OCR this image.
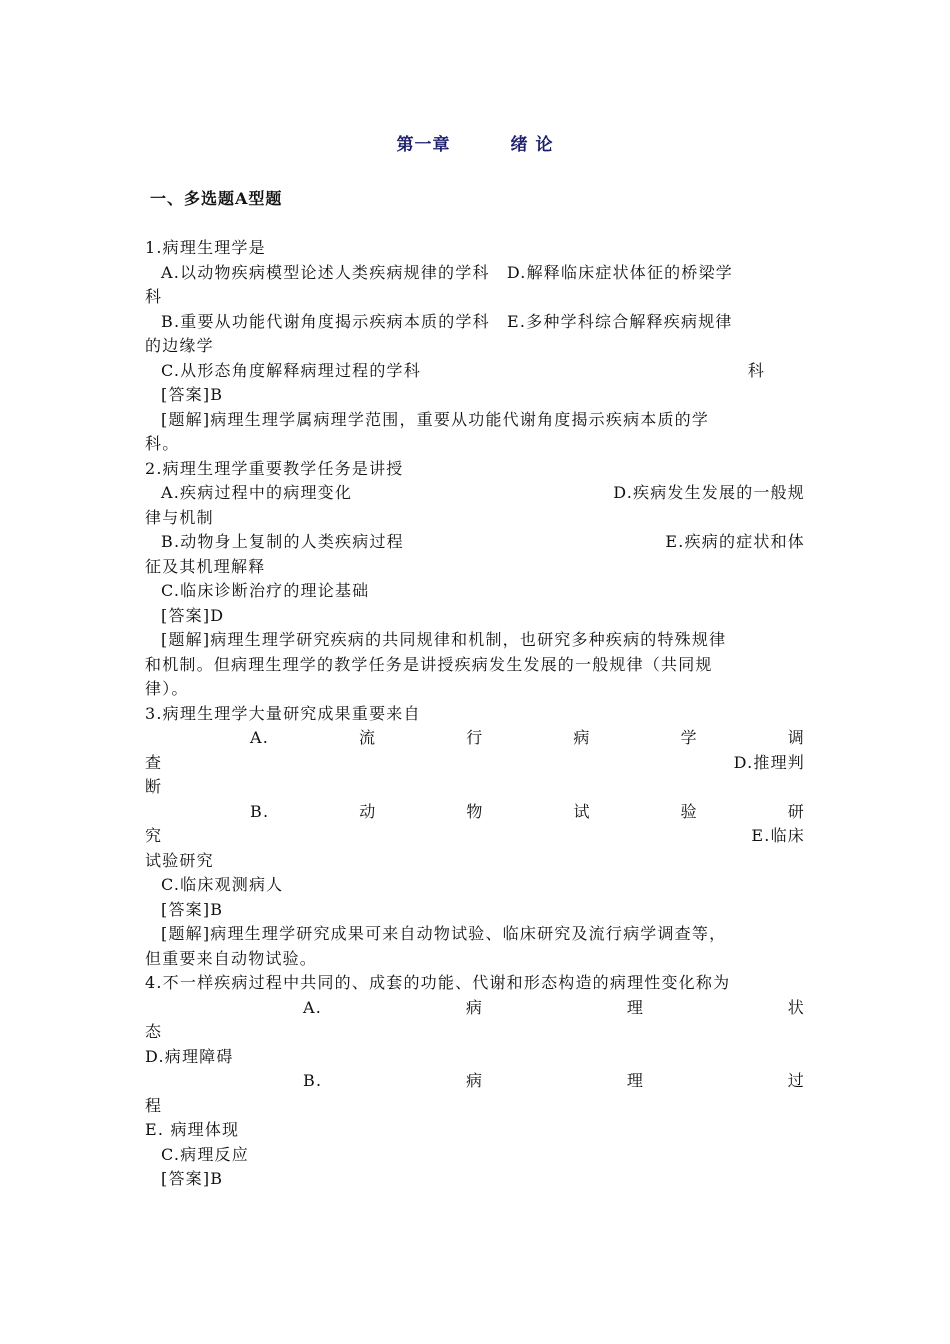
第一章	绪 论
一、多选题A型题
1.病理生理学是
A.以动物疾病模型论述人类疾病规律的学科　D.解释临床症状体征的桥梁学
科
B.重要从功能代谢角度揭示疾病本质的学科　E.多种学科综合解释疾病规律
的边缘学
C.从形态角度解释病理过程的学科	科
[答案]B
[题解]病理生理学属病理学范围，重要从功能代谢角度揭示疾病本质的学
科。
2.病理生理学重要教学任务是讲授
A.疾病过程中的病理变化	D.疾病发生发展的一般规
律与机制
B.动物身上复制的人类疾病过程	E.疾病的症状和体
征及其机理解释
C.临床诊断治疗的理论基础
[答案]D
[题解]病理生理学研究疾病的共同规律和机制，也研究多种疾病的特殊规律
和机制。但病理生理学的教学任务是讲授疾病发生发展的一般规律（共同规
律）。
3.病理生理学大量研究成果重要来自
A.	流	行	病	学	调
查	D.推理判
断
B.	动	物	试	验	研
究	E.临床
试验研究
C.临床观测病人
[答案]B
[题解]病理生理学研究成果可来自动物试验、临床研究及流行病学调查等，
但重要来自动物试验。
4.不一样疾病过程中共同的、成套的功能、代谢和形态构造的病理性变化称为
A.	病	理	状
态
D.病理障碍
B.	病	理	过
程
E. 病理体现
C.病理反应
[答案]B
